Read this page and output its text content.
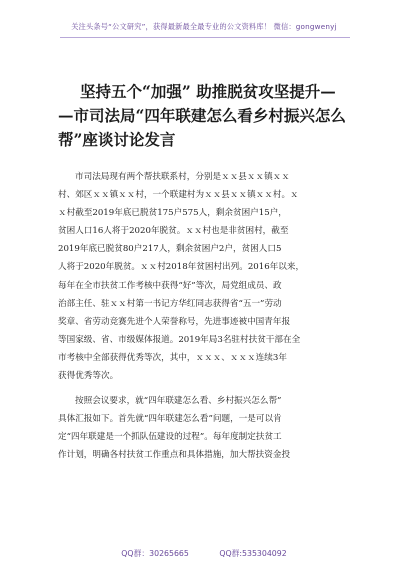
关注头条号“公文研究”，获得最新最全最专业的公文资料库！ 微信：gongwenyj
坚持五个“加强” 助推脱贫攻坚提升—
—市司法局“四年联建怎么看乡村振兴怎么
帮”座谈讨论发言
市司法局现有两个帮扶联系村，分别是ｘｘ县ｘｘ镇ｘｘ
村、郊区ｘｘ镇ｘｘ村，一个联建村为ｘｘ县ｘｘ镇ｘｘ村。ｘ
ｘ村截至2019年底已脱贫175户575人，剩余贫困户15户，
贫困人口16人将于2020年脱贫。ｘｘ村也是非贫困村，截至
2019年底已脱贫80户217人，剩余贫困户2户，贫困人口5
人将于2020年脱贫。ｘｘ村2018年贫困村出列。2016年以来，
每年在全市扶贫工作考核中获得“好”等次，局党组成员、政
治部主任、驻ｘｘ村第一书记方华红同志获得省“五一”劳动
奖章、省劳动竞赛先进个人荣誉称号，先进事迹被中国青年报
等国家级、省、市级媒体报道。2019年局3名驻村扶贫干部在全
市考核中全部获得优秀等次，其中，ｘｘｘ、ｘｘｘ连续3年
获得优秀等次。
按照会议要求，就“四年联建怎么看、乡村振兴怎么帮”
具体汇报如下。首先就“四年联建怎么看”问题，一是可以肯
定“四年联建是一个抓队伍建设的过程”。每年度制定扶贫工
作计划，明确各村扶贫工作重点和具体措施，加大帮扶资金投
QQ群：30265665	QQ群:535304092
